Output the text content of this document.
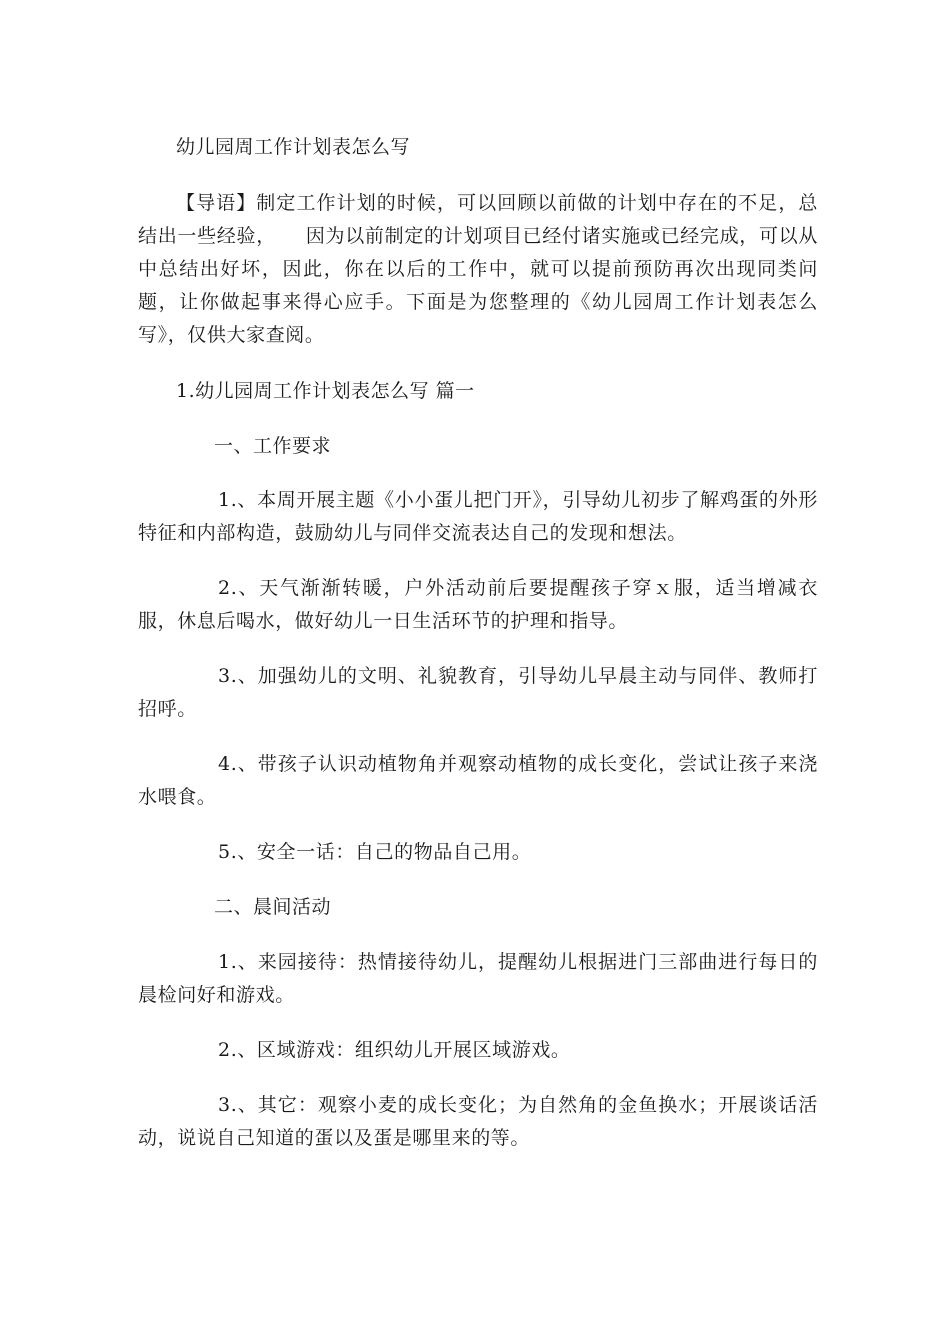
幼儿园周工作计划表怎么写
【导语】制定工作计划的时候，可以回顾以前做的计划中存在的不足，总结出一些经验，　　因为以前制定的计划项目已经付诸实施或已经完成，可以从中总结出好坏，因此，你在以后的工作中，就可以提前预防再次出现同类问题，让你做起事来得心应手。下面是为您整理的《幼儿园周工作计划表怎么写》，仅供大家查阅。
1.幼儿园周工作计划表怎么写 篇一
一、工作要求
1.、本周开展主题《小小蛋儿把门开》，引导幼儿初步了解鸡蛋的外形特征和内部构造，鼓励幼儿与同伴交流表达自己的发现和想法。
2.、天气渐渐转暖，户外活动前后要提醒孩子穿ｘ服，适当增减衣服，休息后喝水，做好幼儿一日生活环节的护理和指导。
3.、加强幼儿的文明、礼貌教育，引导幼儿早晨主动与同伴、教师打招呼。
4.、带孩子认识动植物角并观察动植物的成长变化，尝试让孩子来浇水喂食。
5.、安全一话：自己的物品自己用。
二、晨间活动
1.、来园接待：热情接待幼儿，提醒幼儿根据进门三部曲进行每日的晨检问好和游戏。
2.、区域游戏：组织幼儿开展区域游戏。
3.、其它：观察小麦的成长变化；为自然角的金鱼换水；开展谈话活动，说说自己知道的蛋以及蛋是哪里来的等。
